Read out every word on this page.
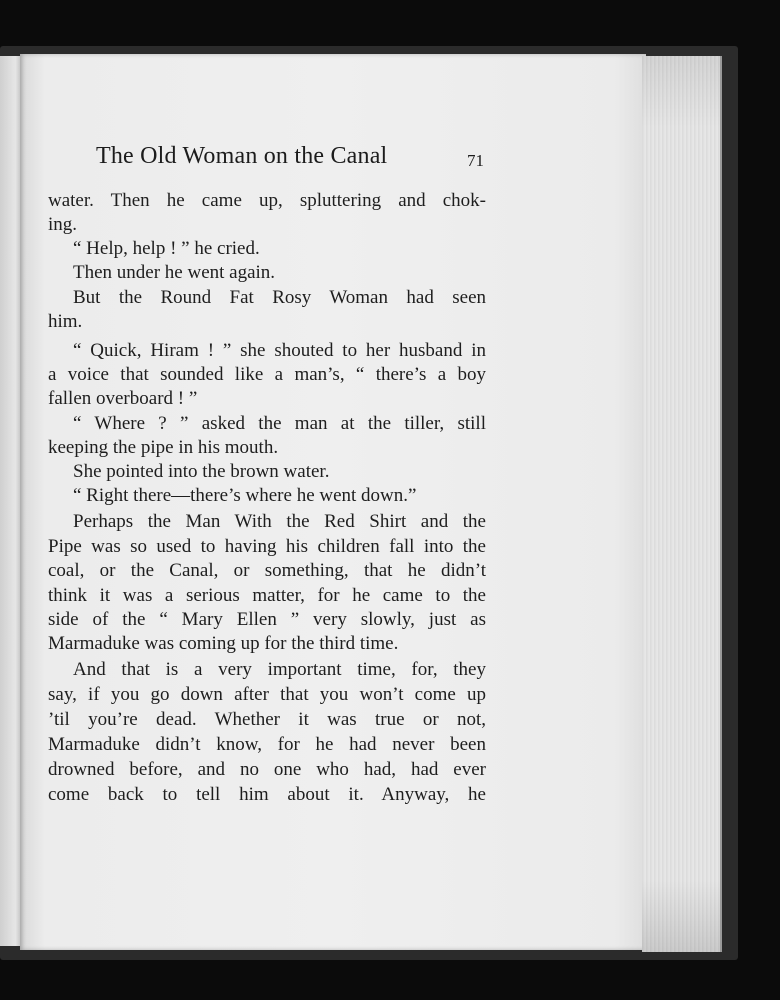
The Old Woman on the Canal	71
water. Then he came up, spluttering and chok-
ing.
“ Help, help ! ” he cried.
Then under he went again.
But the Round Fat Rosy Woman had seen
him.
“ Quick, Hiram ! ” she shouted to her husband in
a voice that sounded like a man’s, “ there’s a boy
fallen overboard ! ”
“ Where ? ” asked the man at the tiller, still
keeping the pipe in his mouth.
She pointed into the brown water.
“ Right there—there’s where he went down.”
Perhaps the Man With the Red Shirt and the
Pipe was so used to having his children fall into the
coal, or the Canal, or something, that he didn’t
think it was a serious matter, for he came to the
side of the “ Mary Ellen ” very slowly, just as
Marmaduke was coming up for the third time.
And that is a very important time, for, they
say, if you go down after that you won’t come up
’til you’re dead. Whether it was true or not,
Marmaduke didn’t know, for he had never been
drowned before, and no one who had, had ever
come back to tell him about it. Anyway, he
